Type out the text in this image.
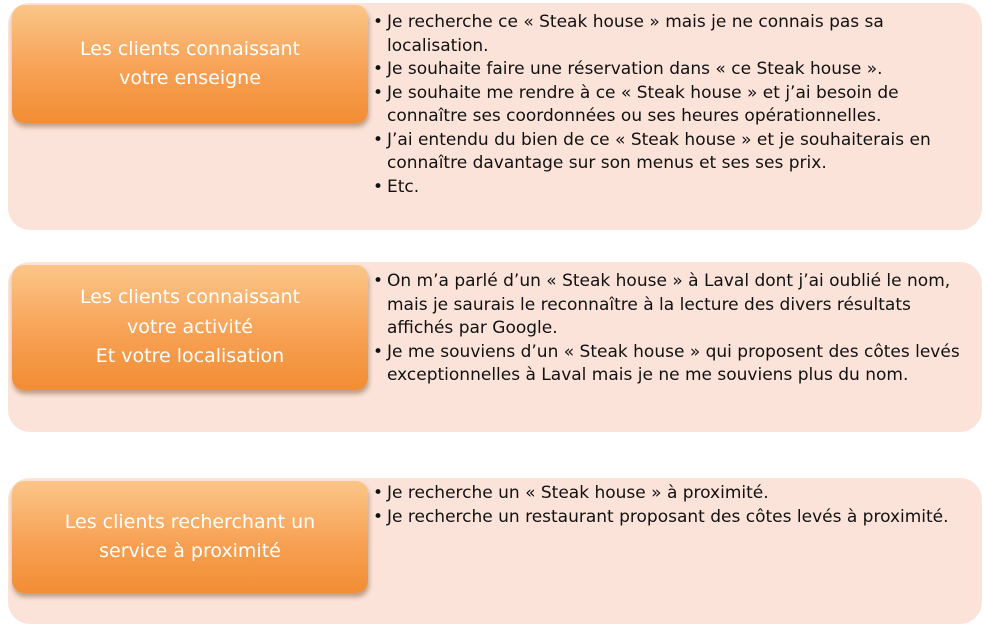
Les clients connaissant
votre enseigne
• Je recherche ce « Steak house » mais je ne connais pas sa localisation.
• Je souhaite faire une réservation dans « ce Steak house ».
• Je souhaite me rendre à ce « Steak house » et j’ai besoin de connaître ses coordonnées ou ses heures opérationnelles.
• J’ai entendu du bien de ce « Steak house » et je souhaiterais en connaître davantage sur son menus et ses ses prix.
• Etc.
Les clients connaissant
votre activité
Et votre localisation
• On m’a parlé d’un « Steak house » à Laval dont j’ai oublié le nom, mais je saurais le reconnaître à la lecture des divers résultats affichés par Google.
• Je me souviens d’un « Steak house » qui proposent des côtes levés exceptionnelles à Laval mais je ne me souviens plus du nom.
Les clients recherchant un
service à proximité
• Je recherche un « Steak house » à proximité.
• Je recherche un restaurant proposant des côtes levés à proximité.
